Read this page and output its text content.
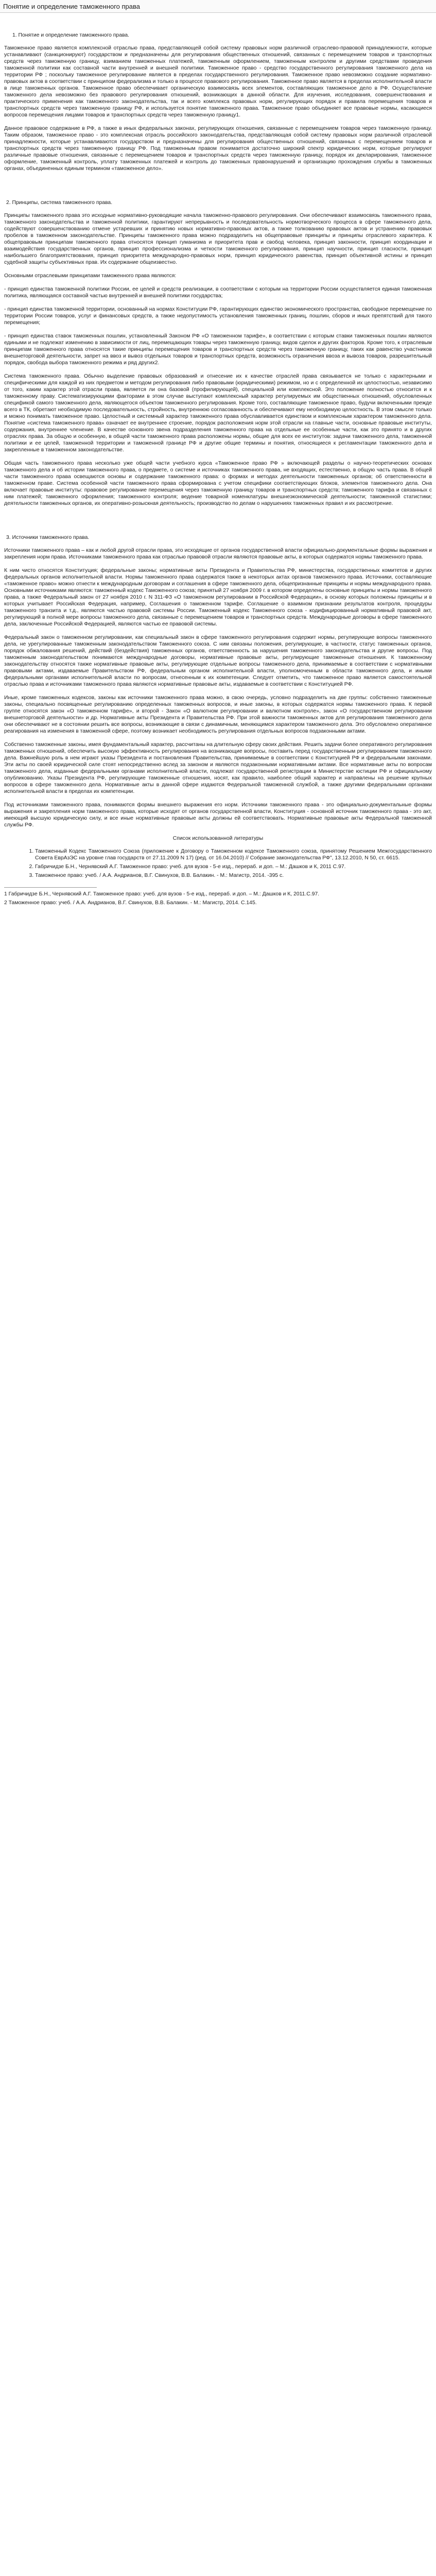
Понятие и определение таможенного права
1. Понятие и определение таможенного права.

Таможенное право является комплексной отраслью права, представляющей собой систему правовых норм различной отраслево-правовой принадлежности, которые устанавливают (санкционируют) государством и предназначены для регулирования общественных отношений, связанных с перемещением товаров и транспортных средств через таможенную границу, взиманием таможенных платежей, таможенным оформлением, таможенным контролем и другими средствами проведения таможенной политики как составной части внутренней и внешней политики. Таможенное право - средство государственного регулирования таможенного дела на территории РФ ; поскольку таможенное регулирование является в пределах государственного регулирования. Таможенное право невозможно создание нормативно-правовых актов в соответствии с принципом федерализма и только в процессе правового регулирования. Таможенное право является в пределах исполнительной власти в лице таможенных органов. Таможенное право обеспечивает органическую взаимосвязь всех элементов, составляющих таможенное дело в РФ. Осуществление таможенного дела невозможно без правового регулирования отношений, возникающих в данной области. Для изучения, исследования, совершенствования и практического применения как таможенного законодательства, так и всего комплекса правовых норм, регулирующих порядок и правила перемещения товаров и транспортных средств через таможенную границу РФ, и используется понятие таможенного права. Таможенное право объединяет все правовые нормы, касающиеся вопросов перемещения лицами товаров и транспортных средств через таможенную границу1.

Данное правовое содержание в РФ, а также в иных федеральных законах, регулирующих отношения, связанные с перемещением товаров через таможенную границу. Таким образом, таможенное право - это комплексная отрасль российского законодательства, представляющая собой систему правовых норм различной отраслевой принадлежности, которые устанавливаются государством и предназначены для регулирования общественных отношений, связанных с перемещением товаров и транспортных средств через таможенную границу РФ. Под таможенным правом понимается достаточно широкий спектр юридических норм, которые регулируют различные правовые отношения, связанные с перемещением товаров и транспортных средств через таможенную границу, порядок их декларирования, таможенное оформление, таможенный контроль, уплату таможенных платежей и контроль до таможенных правонарушений и организацию прохождения службы в таможенных органах, объединенных единым термином «таможенное дело».

2. Принципы, система таможенного права.

Принципы таможенного права это исходные нормативно-руководящие начала таможенно-правового регулирования. Они обеспечивают взаимосвязь таможенного права, таможенного законодательства и таможенной политики, гарантируют непрерывность и последовательность нормотворческого процесса в сфере таможенного дела, содействуют совершенствованию отмене устаревших и принятию новых нормативно-правовых актов, а также толкованию правовых актов и устранению правовых пробелов в таможенном законодательстве. Принципы таможенного права можно подразделить на общеправовые принципы и принципы отраслевого характера. К общеправовым принципам таможенного права относятся принцип гуманизма и приоритета прав и свобод человека, принцип законности, принцип координации и взаимодействия государственных органов, принцип профессионализма и четкости таможенного регулирования, принцип научности, принцип гласности, принцип наибольшего благоприятствования, принцип приоритета международно-правовых норм, принцип юридического равенства, принцип объективной истины и принцип судебной защиты субъективных прав. Их содержание общеизвестно.

Основными отраслевыми принципами таможенного права являются:

- принцип единства таможенной политики России, ее целей и средств реализации, в соответствии с которым на территории России осуществляется единая таможенная политика, являющаяся составной частью внутренней и внешней политики государства;
- принцип единства таможенной территории, основанный на нормах Конституции РФ, гарантирующих единство экономического пространства, свободное перемещение по территории России товаров, услуг и финансовых средств, а также недопустимость установления таможенных границ, пошлин, сборов и иных препятствий для такого перемещения;
- принцип единства ставок таможенных пошлин, установленный Законом РФ «О таможенном тарифе», в соответствии с которым ставки таможенных пошлин являются едиными и не подлежат изменению в зависимости от лиц, перемещающих товары через таможенную границу, видов сделок и других факторов. Кроме того, к отраслевым принципам таможенного права относятся такие принципы перемещения товаров и транспортных средств через таможенную границу, таких как равенство участников внешнеторговой деятельности, запрет на ввоз и вывоз отдельных товаров и транспортных средств, возможность ограничения ввоза и вывоза товаров, разрешительный порядок, свобода выбора таможенного режима и ряд других2.

Система таможенного права. Обычно выделение правовых образований и отнесение их к качестве отраслей права связывается не только с характерными и специфическими для каждой из них предметом и методом регулирования либо правовыми (юридическими) режимом, но и с определенной их целостностью, независимо от того, каким характер этой отрасли права, является ли она базовой (профилирующей), специальной или комплексной. Это положение полностью относится и к таможенному праву. Систематизирующими факторами в этом случае выступают комплексный характер регулируемых им общественных отношений, обусловленных спецификой самого таможенного дела, являющегося объектом таможенного регулирования. Кроме того, составляющие таможенное право, будучи включенными прежде всего в ТК, обретают необходимую последовательность, стройность, внутреннюю согласованность и обеспечивают ему необходимую целостность. В этом смысле только и можно понимать таможенное право. Целостный и системный характер таможенного права обуславливается единством и комплексным характером таможенного дела. Понятие «система таможенного права» означает ее внутреннее строение, порядок расположения норм этой отрасли на главные части, основные правовые институты, содержания, внутреннее членение. В качестве основного звена подразделения таможенного права на отдельные ее особенные части, как это принято и в других отраслях права. За общую и особенную, в общей части таможенного права расположены нормы, общие для всех ее институтов: задачи таможенного дела, таможенной политики и ее целей, таможенной территории и таможенной границе РФ и другие общие термины и понятия, относящиеся к регламентации таможенного дела и закрепленные в таможенном законодательстве.

Общая часть таможенного права несколько уже общей части учебного курса «Таможенное право РФ » включающей разделы о научно-теоретических основах таможенного дела и об истории таможенного права, о предмете, о системе и источниках таможенного права, не входящих, естественно, в общую часть права. В общей части таможенного права освещаются основы и содержание таможенного права: о формах и методах деятельности таможенных органов; об ответственности в таможенном праве. Система особенной части таможенного права сформирована с учетом специфики соответствующих блоков, элементов таможенного дела. Она включает правовые институты: правовое регулирование перемещения через таможенную границу товаров и транспортных средств; таможенного тарифа и связанных с ним платежей; таможенного оформления; таможенного контроля; ведение товарной номенклатуры внешнеэкономической деятельности; таможенной статистики; деятельности таможенных органов, их оперативно-розыскная деятельность; производство по делам о нарушениях таможенных правил и их рассмотрение.

3. Источники таможенного права.

Источники таможенного права – как и любой другой отрасли права, это исходящие от органов государственной власти официально-документальные формы выражения и закрепления норм права. Источниками таможенного права как отраслью правовой отрасли являются правовые акты, в которых содержатся нормы таможенного права.

К ним чисто относятся Конституция; федеральные законы; нормативные акты Президента и Правительства РФ, министерства, государственных комитетов и других федеральных органов исполнительной власти. Нормы таможенного права содержатся также в некоторых актах органов таможенного права. Источники, составляющие «таможенное право» можно отнести к международным договорам и соглашения в сфере таможенного дела, общепризнанные принципы и нормы международного права. Основными источниками являются: таможенный кодекс Таможенного союза; принятый 27 ноября 2009 г. в котором определены основные принципы и нормы таможенного права, а также Федеральный закон от 27 ноября 2010 г. N 311-ФЗ «О таможенном регулировании в Российской Федерации», в основу которых положены принципы и в которых учитывает Российская Федерация, например, Соглашения о таможенном тарифе. Соглашение о взаимном признании результатов контроля, процедуры таможенного транзита и т.д., являются частью правовой системы России. Таможенный кодекс Таможенного союза - кодифицированный нормативный правовой акт, регулирующий в полной мере вопросы таможенного дела, связанные с перемещением товаров и транспортных средств. Международные договоры в сфере таможенного дела, заключенные Российской Федерацией, являются частью ее правовой системы.

Федеральный закон о таможенном регулировании, как специальный закон в сфере таможенного регулирования содержит нормы, регулирующие вопросы таможенного дела, не урегулированные таможенным законодательством Таможенного союза. С ним связаны положения, регулирующие, в частности, статус таможенных органов, порядок обжалования решений, действий (бездействия) таможенных органов, ответственность за нарушения таможенного законодательства и другие вопросы. Под таможенным законодательством понимаются международные договоры, нормативные правовые акты, регулирующие таможенные отношения. К таможенному законодательству относятся также нормативные правовые акты, регулирующие отдельные вопросы таможенного дела, принимаемые в соответствии с нормативными правовыми актами, издаваемые Правительством РФ, федеральным органом исполнительной власти, уполномоченным в области таможенного дела, и иными федеральными органами исполнительной власти по вопросам, отнесенным к их компетенции. Следует отметить, что таможенное право является самостоятельной отраслью права и источниками таможенного права являются нормативные правовые акты, издаваемые в соответствии с Конституцией РФ.

Иные, кроме таможенных кодексов, законы как источники таможенного права можно, в свою очередь, условно подразделить на две группы: собственно таможенные законы, специально посвященные регулированию определенных таможенных вопросов, и иные законы, в которых содержатся нормы таможенного права. К первой группе относятся закон «О таможенном тарифе», и второй - Закон «О валютном регулировании и валютном контроле», закон «О государственном регулировании внешнеторговой деятельности» и др. Нормативные акты Президента и Правительства РФ. При этой важности таможенных актов для регулирования таможенного дела они обеспечивают не в состоянии решить все вопросы, возникающие в связи с динамичным, меняющимся характером таможенного дела. Это обусловлено оперативное реагирования на изменения в таможенной сфере, поэтому возникает необходимость регулирования отдельных вопросов подзаконными актами.

Собственно таможенные законы, имея фундаментальный характер, рассчитаны на длительную сферу своих действия. Решить задачи более оперативного регулирования таможенных отношений, обеспечить высокую эффективность регулирования на возникающие вопросы, поставить перед государственным регулированием таможенного дела. Важнейшую роль в нем играют указы Президента и постановления Правительства, принимаемые в соответствии с Конституцией РФ и федеральными законами. Эти акты по своей юридической силе стоят непосредственно вслед за законом и являются подзаконными нормативными актами. Все нормативные акты по вопросам таможенного дела, изданные федеральными органами исполнительной власти, подлежат государственной регистрации в Министерстве юстиции РФ и официальному опубликованию. Указы Президента РФ, регулирующие таможенные отношения, носят, как правило, наиболее общий характер и направлены на решение крупных вопросов в сфере таможенного дела. Нормативные акты в данной сфере издаются Федеральной таможенной службой, а также другими федеральными органами исполнительной власти в пределах их компетенции.

Под источниками таможенного права, понимаются формы внешнего выражения его норм. Источники таможенного права - это официально-документальные формы выражения и закрепления норм таможенного права, которые исходят от органов государственной власти, Конституция - основной источник таможенного права - это акт, имеющий высшую юридическую силу, и все иные нормативные правовые акты должны ей соответствовать. Нормативные правовые акты Федеральной таможенной службы РФ.

Список использованной литературы
1. Таможенный Кодекс Таможенного Союза (приложение к Договору о Таможенном кодексе Таможенного союза, принятому Решением Межгосударственного Совета ЕврАзЭС на уровне глав государств от 27.11.2009 N 17) (ред. от 16.04.2010) // Собрание законодательства РФ", 13.12.2010, N 50, ст. 6615.
2. Габричидзе Б.Н., Чернявский А.Г. Таможенное право: учеб. для вузов - 5-е изд., перераб. и доп. – М.: Дашков и К, 2011 С.97.
3. Таможенное право: учеб. / А.А. Андрианов, В.Г. Свинухов, В.В. Балакин. - М.: Магистр, 2014. -395 с.
1 Габричидзе Б.Н., Чернявский А.Г. Таможенное право: учеб. для вузов - 5-е изд., перераб. и доп. – М.: Дашков и К, 2011.С.97.
2 Таможенное право: учеб. / А.А. Андрианов, В.Г. Свинухов, В.В. Балакин. - М.: Магистр, 2014. С.145.
